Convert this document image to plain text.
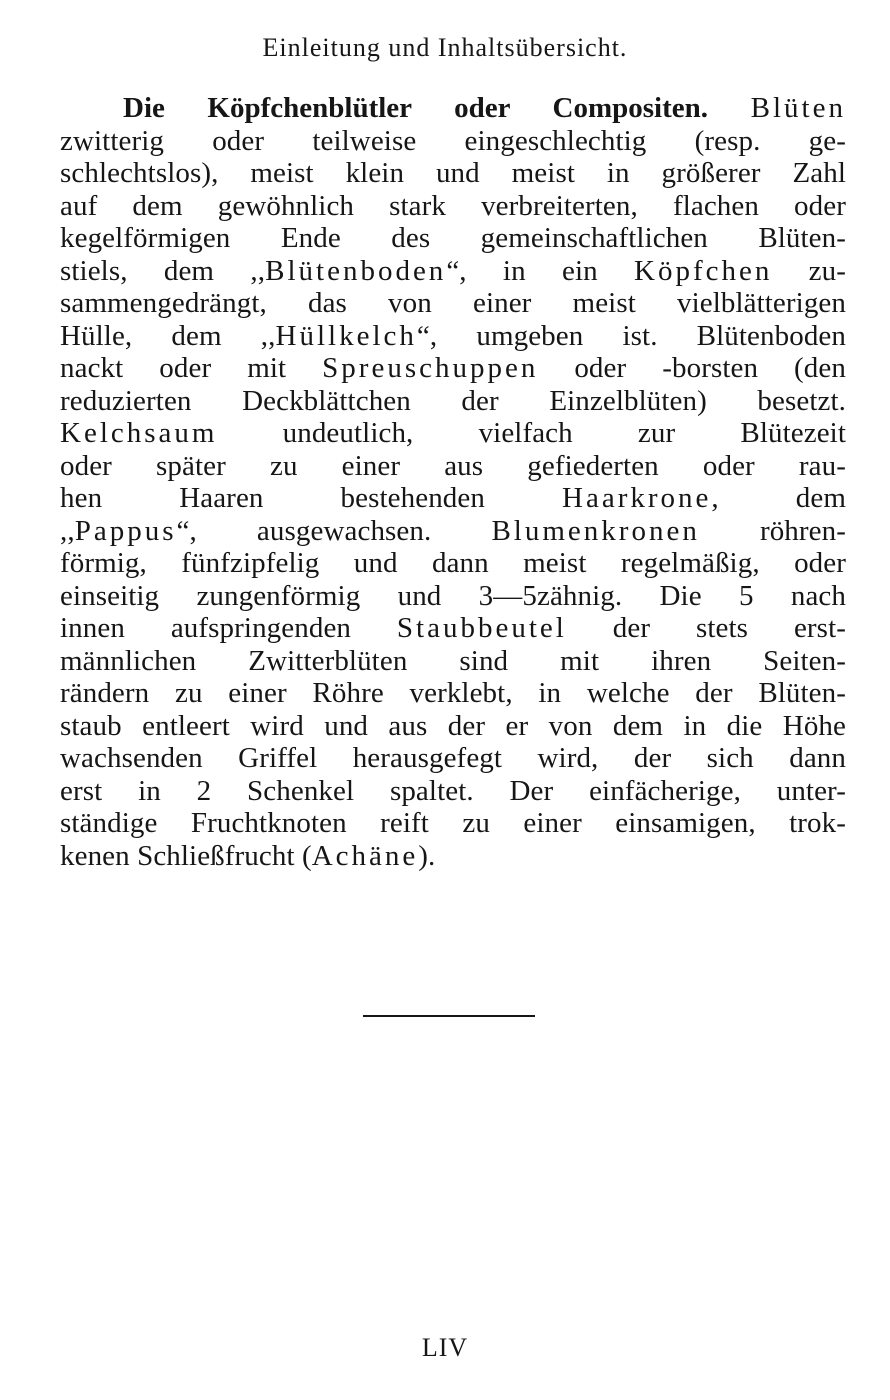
Einleitung und Inhaltsübersicht.
Die Köpfchenblütler oder Compositen. Blüten
zwitterig oder teilweise eingeschlechtig (resp. ge-
schlechtslos), meist klein und meist in größerer Zahl
auf dem gewöhnlich stark verbreiterten, flachen oder
kegelförmigen Ende des gemeinschaftlichen Blüten-
stiels, dem ,,Blütenboden“, in ein Köpfchen zu-
sammengedrängt, das von einer meist vielblätterigen
Hülle, dem ,,Hüllkelch“, umgeben ist. Blütenboden
nackt oder mit Spreuschuppen oder -borsten (den
reduzierten Deckblättchen der Einzelblüten) besetzt.
Kelchsaum undeutlich, vielfach zur Blütezeit
oder später zu einer aus gefiederten oder rau-
hen Haaren bestehenden Haarkrone, dem
,,Pappus“, ausgewachsen. Blumenkronen röhren-
förmig, fünfzipfelig und dann meist regelmäßig, oder
einseitig zungenförmig und 3—5zähnig. Die 5 nach
innen aufspringenden Staubbeutel der stets erst-
männlichen Zwitterblüten sind mit ihren Seiten-
rändern zu einer Röhre verklebt, in welche der Blüten-
staub entleert wird und aus der er von dem in die Höhe
wachsenden Griffel herausgefegt wird, der sich dann
erst in 2 Schenkel spaltet. Der einfächerige, unter-
ständige Fruchtknoten reift zu einer einsamigen, trok-
kenen Schließfrucht (Achäne).
LIV
